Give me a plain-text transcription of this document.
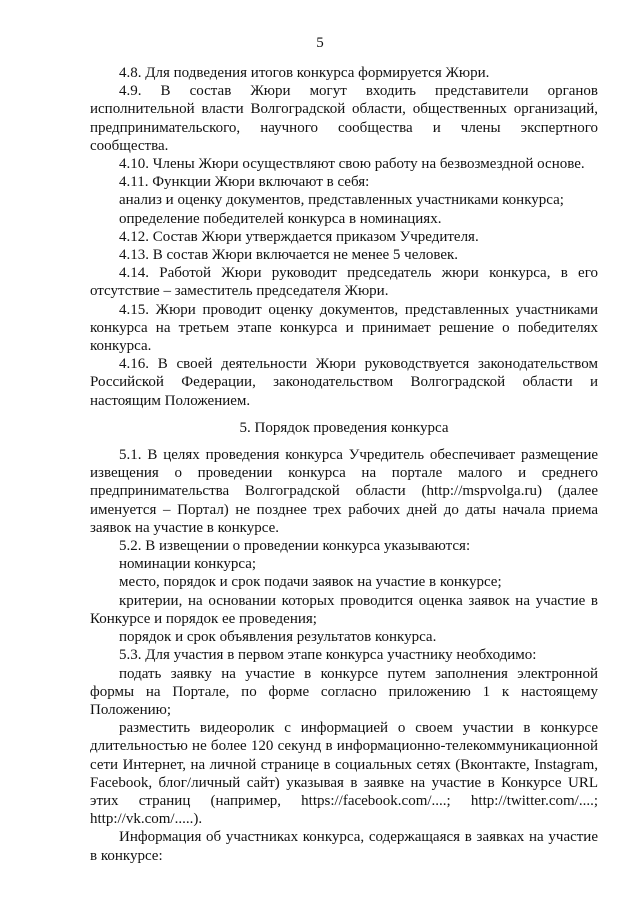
5

4.8. Для подведения итогов конкурса формируется Жюри.

4.9. В состав Жюри могут входить представители органов исполнительной власти Волгоградской области, общественных организаций, предпринимательского, научного сообщества и члены экспертного сообщества.

4.10. Члены Жюри осуществляют свою работу на безвозмездной основе.

4.11. Функции Жюри включают в себя:

анализ и оценку документов, представленных участниками конкурса;

определение победителей конкурса в номинациях.

4.12. Состав Жюри утверждается приказом Учредителя.

4.13. В состав Жюри включается не менее 5 человек.

4.14. Работой Жюри руководит председатель жюри конкурса, в его отсутствие – заместитель председателя Жюри.

4.15. Жюри проводит оценку документов, представленных участниками конкурса на третьем этапе конкурса и принимает решение о победителях конкурса.

4.16. В своей деятельности Жюри руководствуется законодательством Российской Федерации, законодательством Волгоградской области и настоящим Положением.

5. Порядок проведения конкурса

5.1. В целях проведения конкурса Учредитель обеспечивает размещение извещения о проведении конкурса на портале малого и среднего предпринимательства Волгоградской области (http://mspvolga.ru) (далее именуется – Портал) не позднее трех рабочих дней до даты начала приема заявок на участие в конкурсе.

5.2. В извещении о проведении конкурса указываются:

номинации конкурса;

место, порядок и срок подачи заявок на участие в конкурсе;

критерии, на основании которых проводится оценка заявок на участие в Конкурсе и порядок ее проведения;

порядок и срок объявления результатов конкурса.

5.3. Для участия в первом этапе конкурса участнику необходимо:

подать заявку на участие в конкурсе путем заполнения электронной формы на Портале, по форме согласно приложению 1 к настоящему Положению;

разместить видеоролик с информацией о своем участии в конкурсе длительностью не более 120 секунд в информационно-телекоммуникационной сети Интернет, на личной странице в социальных сетях (Вконтакте, Instagram, Facebook, блог/личный сайт) указывая в заявке на участие в Конкурсе URL этих страниц (например, https://facebook.com/....; http://twitter.com/....; http://vk.com/.....).

Информация об участниках конкурса, содержащаяся в заявках на участие в конкурсе:
